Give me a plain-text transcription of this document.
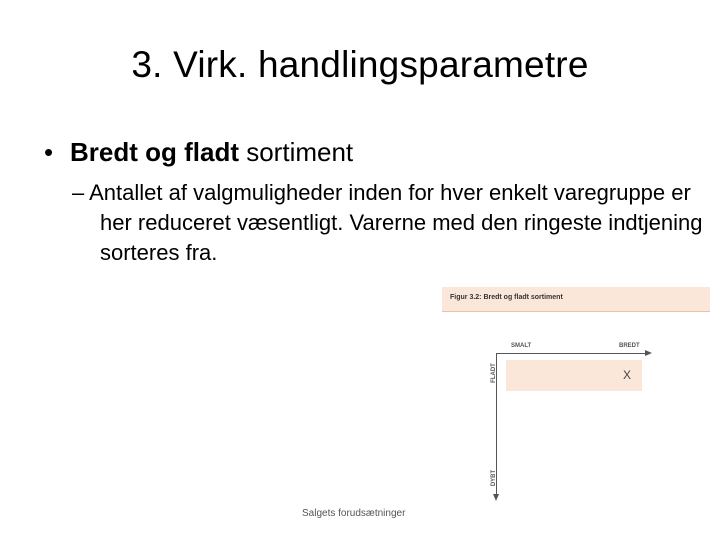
3. Virk. handlingsparametre
• Bredt og fladt sortiment
– Antallet af valgmuligheder inden for hver enkelt varegruppe er her reduceret væsentligt. Varerne med den ringeste indtjening sorteres fra.
Figur 3.2: Bredt og fladt sortiment
SMALT	BREDT
FLADT
DYBT
X
Salgets forudsætninger
